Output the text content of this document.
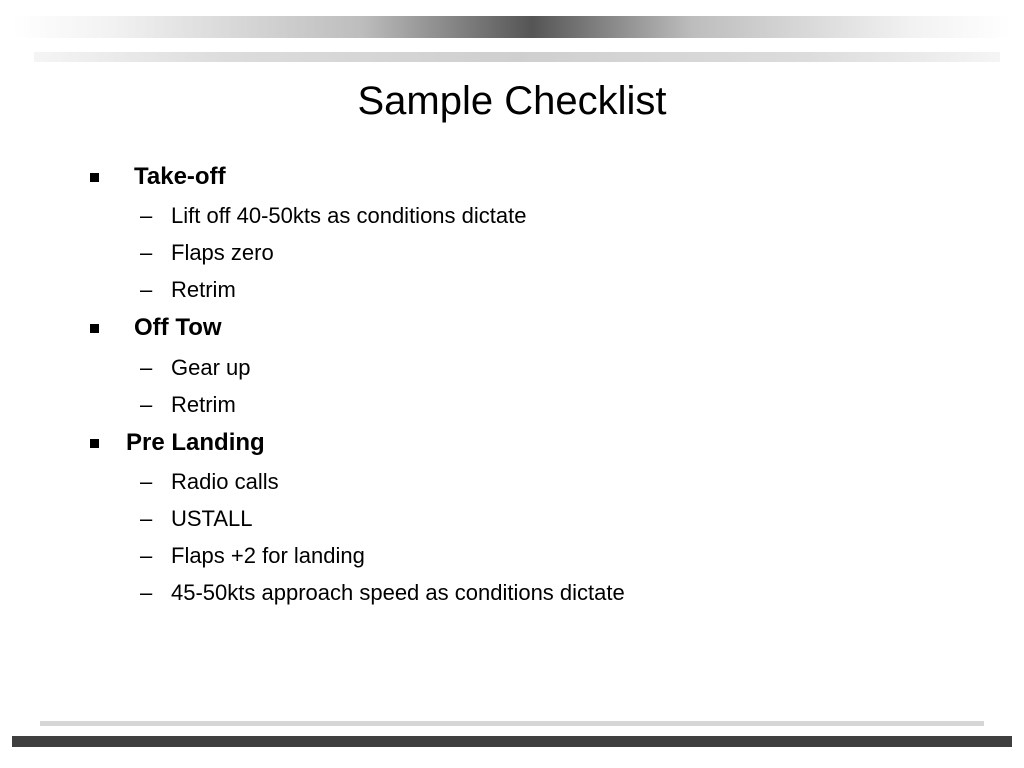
Sample Checklist
Take-off
– Lift off 40-50kts as conditions dictate
– Flaps zero
– Retrim
Off Tow
– Gear up
– Retrim
Pre Landing
– Radio calls
– USTALL
– Flaps +2 for landing
– 45-50kts approach speed as conditions dictate
